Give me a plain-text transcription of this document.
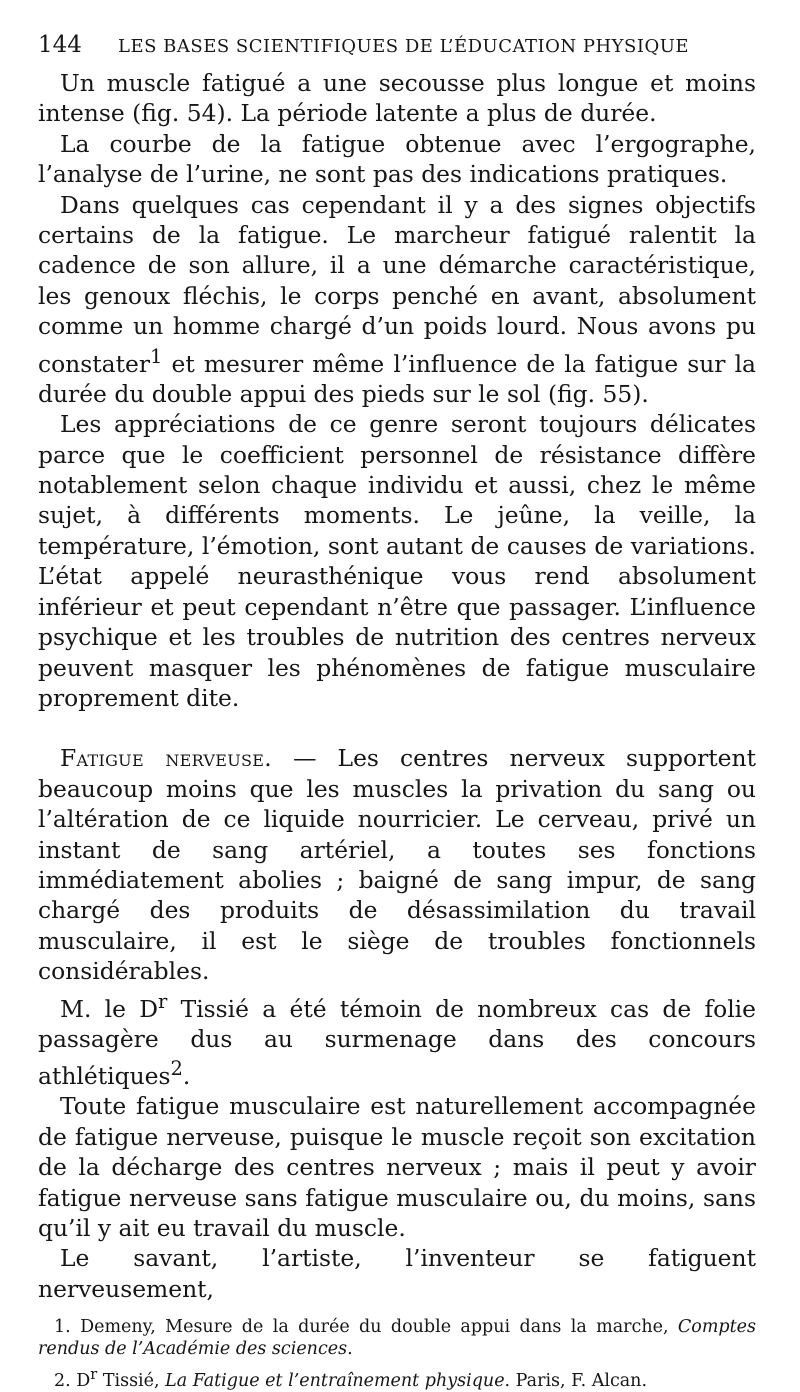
144	LES BASES SCIENTIFIQUES DE L’ÉDUCATION PHYSIQUE

Un muscle fatigué a une secousse plus longue et moins intense (fig. 54). La période latente a plus de durée.

La courbe de la fatigue obtenue avec l’ergographe, l’analyse de l’urine, ne sont pas des indications pratiques.

Dans quelques cas cependant il y a des signes objectifs certains de la fatigue. Le marcheur fatigué ralentit la cadence de son allure, il a une démarche caractéristique, les genoux fléchis, le corps penché en avant, absolument comme un homme chargé d’un poids lourd. Nous avons pu constater$^1$ et mesurer même l’influence de la fatigue sur la durée du double appui des pieds sur le sol (fig. 55).

Les appréciations de ce genre seront toujours délicates parce que le coefficient personnel de résistance diffère notablement selon chaque individu et aussi, chez le même sujet, à différents moments. Le jeûne, la veille, la température, l’émotion, sont autant de causes de variations. L’état appelé neurasthénique vous rend absolument inférieur et peut cependant n’être que passager. L’influence psychique et les troubles de nutrition des centres nerveux peuvent masquer les phénomènes de fatigue musculaire proprement dite.

Fatigue nerveuse. — Les centres nerveux supportent beaucoup moins que les muscles la privation du sang ou l’altération de ce liquide nourricier. Le cerveau, privé un instant de sang artériel, a toutes ses fonctions immédiatement abolies ; baigné de sang impur, de sang chargé des produits de désassimilation du travail musculaire, il est le siège de troubles fonctionnels considérables.

M. le $D^r$ Tissié a été témoin de nombreux cas de folie passagère dus au surmenage dans des concours athlétiques$^2$.

Toute fatigue musculaire est naturellement accompagnée de fatigue nerveuse, puisque le muscle reçoit son excitation de la décharge des centres nerveux ; mais il peut y avoir fatigue nerveuse sans fatigue musculaire ou, du moins, sans qu’il y ait eu travail du muscle.

Le savant, l’artiste, l’inventeur se fatiguent nerveusement,

1. Demeny, Mesure de la durée du double appui dans la marche, Comptes rendus de l’Académie des sciences.

2. $D^r$ Tissié, La Fatigue et l’entraînement physique. Paris, F. Alcan.
